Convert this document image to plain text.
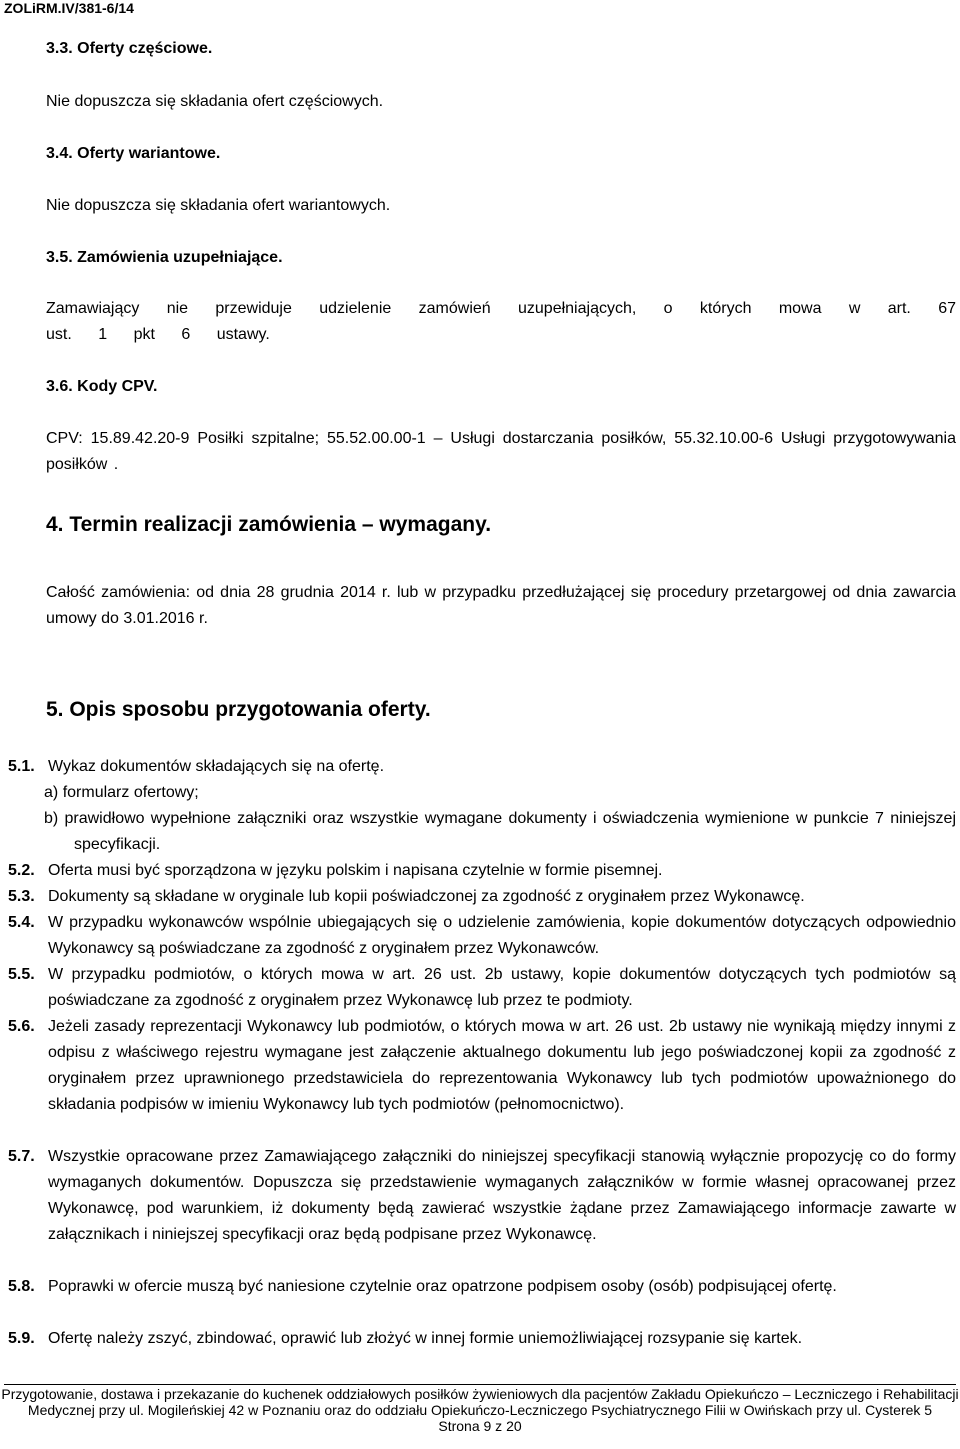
ZOLiRM.IV/381-6/14
3.3. Oferty częściowe.
Nie dopuszcza się składania ofert częściowych.
3.4. Oferty wariantowe.
Nie dopuszcza się składania ofert wariantowych.
3.5. Zamówienia uzupełniające.
Zamawiający nie przewiduje udzielenie zamówień uzupełniających, o których mowa w art. 67 ust. 1 pkt 6 ustawy.
3.6. Kody CPV.
CPV: 15.89.42.20-9 Posiłki szpitalne; 55.52.00.00-1 – Usługi dostarczania posiłków, 55.32.10.00-6 Usługi przygotowywania posiłków .
4. Termin realizacji zamówienia – wymagany.
Całość zamówienia: od dnia 28 grudnia 2014 r. lub w przypadku przedłużającej się procedury przetargowej od dnia zawarcia umowy do 3.01.2016 r.
5. Opis sposobu przygotowania oferty.
5.1. Wykaz dokumentów składających się na ofertę.
a) formularz ofertowy;
b) prawidłowo wypełnione załączniki oraz wszystkie wymagane dokumenty i oświadczenia wymienione w punkcie 7 niniejszej specyfikacji.
5.2. Oferta musi być sporządzona w języku polskim i napisana czytelnie w formie pisemnej.
5.3. Dokumenty są składane w oryginale lub kopii poświadczonej za zgodność z oryginałem przez Wykonawcę.
5.4. W przypadku wykonawców wspólnie ubiegających się o udzielenie zamówienia, kopie dokumentów dotyczących odpowiednio Wykonawcy są poświadczane za zgodność z oryginałem przez Wykonawców.
5.5. W przypadku podmiotów, o których mowa w art. 26 ust. 2b ustawy, kopie dokumentów dotyczących tych podmiotów są poświadczane za zgodność z oryginałem przez Wykonawcę lub przez te podmioty.
5.6. Jeżeli zasady reprezentacji Wykonawcy lub podmiotów, o których mowa w art. 26 ust. 2b ustawy nie wynikają między innymi z odpisu z właściwego rejestru wymagane jest załączenie aktualnego dokumentu lub jego poświadczonej kopii za zgodność z oryginałem przez uprawnionego przedstawiciela do reprezentowania Wykonawcy lub tych podmiotów upoważnionego do składania podpisów w imieniu Wykonawcy lub tych podmiotów (pełnomocnictwo).
5.7. Wszystkie opracowane przez Zamawiającego załączniki do niniejszej specyfikacji stanowią wyłącznie propozycję co do formy wymaganych dokumentów. Dopuszcza się przedstawienie wymaganych załączników w formie własnej opracowanej przez Wykonawcę, pod warunkiem, iż dokumenty będą zawierać wszystkie żądane przez Zamawiającego informacje zawarte w załącznikach i niniejszej specyfikacji oraz będą podpisane przez Wykonawcę.
5.8. Poprawki w ofercie muszą być naniesione czytelnie oraz opatrzone podpisem osoby (osób) podpisującej ofertę.
5.9. Ofertę należy zszyć, zbindować, oprawić lub złożyć w innej formie uniemożliwiającej rozsypanie się kartek.
Przygotowanie, dostawa i przekazanie do kuchenek oddziałowych posiłków żywieniowych dla pacjentów Zakładu Opiekuńczo – Leczniczego i Rehabilitacji Medycznej przy ul. Mogileńskiej 42 w Poznaniu oraz do oddziału Opiekuńczo-Leczniczego Psychiatrycznego Filii w Owińskach przy ul. Cysterek 5
Strona 9 z 20
